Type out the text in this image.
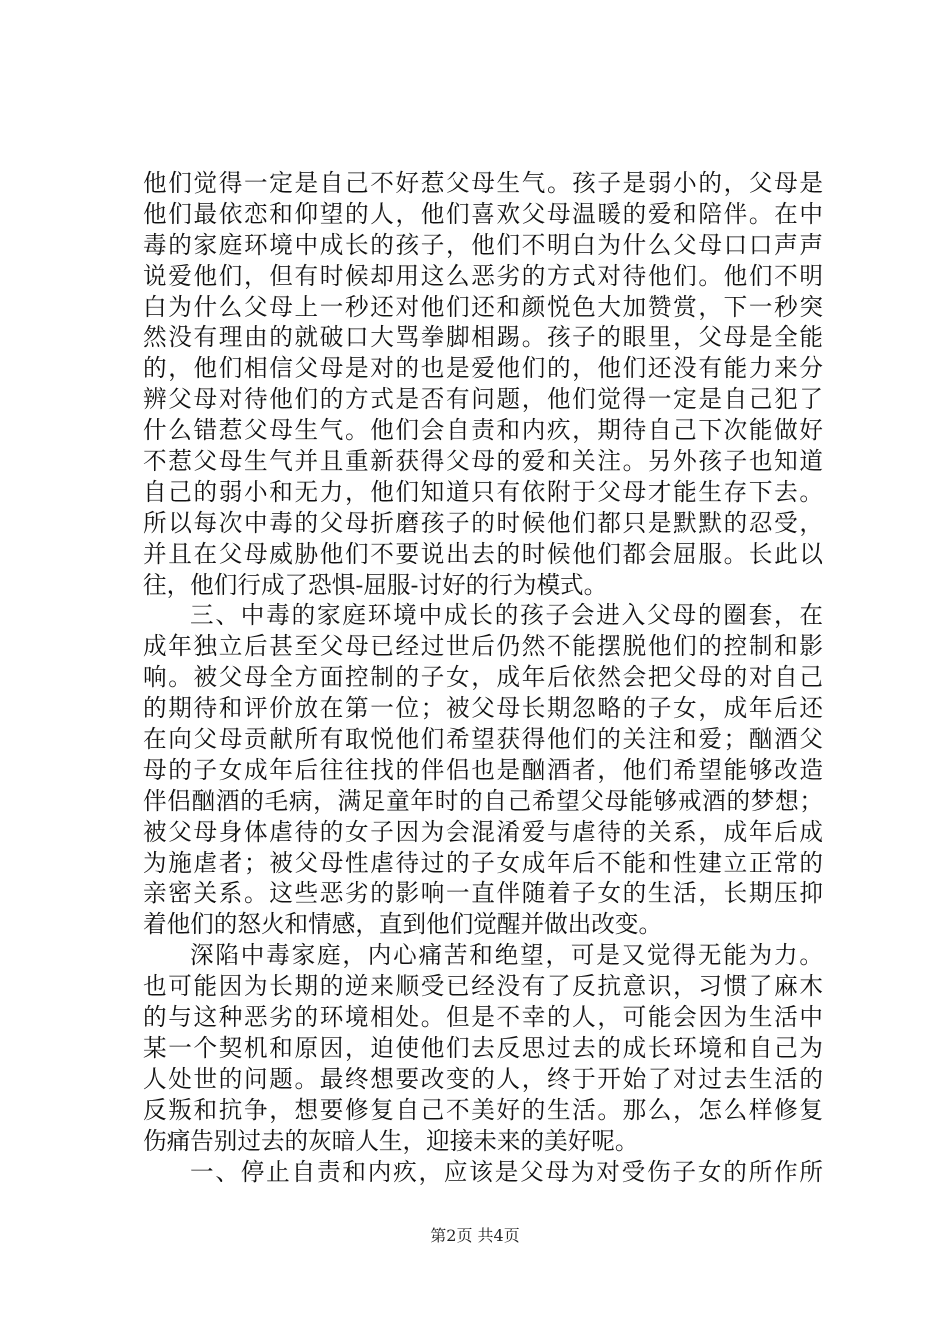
他们觉得一定是自己不好惹父母生气。孩子是弱小的，父母是
他们最依恋和仰望的人，他们喜欢父母温暖的爱和陪伴。在中
毒的家庭环境中成长的孩子，他们不明白为什么父母口口声声
说爱他们，但有时候却用这么恶劣的方式对待他们。他们不明
白为什么父母上一秒还对他们还和颜悦色大加赞赏，下一秒突
然没有理由的就破口大骂拳脚相踢。孩子的眼里，父母是全能
的，他们相信父母是对的也是爱他们的，他们还没有能力来分
辨父母对待他们的方式是否有问题，他们觉得一定是自己犯了
什么错惹父母生气。他们会自责和内疚，期待自己下次能做好
不惹父母生气并且重新获得父母的爱和关注。另外孩子也知道
自己的弱小和无力，他们知道只有依附于父母才能生存下去。
所以每次中毒的父母折磨孩子的时候他们都只是默默的忍受，
并且在父母威胁他们不要说出去的时候他们都会屈服。长此以
往，他们行成了恐惧-屈服-讨好的行为模式。
三、中毒的家庭环境中成长的孩子会进入父母的圈套，在
成年独立后甚至父母已经过世后仍然不能摆脱他们的控制和影
响。被父母全方面控制的子女，成年后依然会把父母的对自己
的期待和评价放在第一位；被父母长期忽略的子女，成年后还
在向父母贡献所有取悦他们希望获得他们的关注和爱；酗酒父
母的子女成年后往往找的伴侣也是酗酒者，他们希望能够改造
伴侣酗酒的毛病，满足童年时的自己希望父母能够戒酒的梦想；
被父母身体虐待的女子因为会混淆爱与虐待的关系，成年后成
为施虐者；被父母性虐待过的子女成年后不能和性建立正常的
亲密关系。这些恶劣的影响一直伴随着子女的生活，长期压抑
着他们的怒火和情感，直到他们觉醒并做出改变。
深陷中毒家庭，内心痛苦和绝望，可是又觉得无能为力。
也可能因为长期的逆来顺受已经没有了反抗意识，习惯了麻木
的与这种恶劣的环境相处。但是不幸的人，可能会因为生活中
某一个契机和原因，迫使他们去反思过去的成长环境和自己为
人处世的问题。最终想要改变的人，终于开始了对过去生活的
反叛和抗争，想要修复自己不美好的生活。那么，怎么样修复
伤痛告别过去的灰暗人生，迎接未来的美好呢。
一、停止自责和内疚，应该是父母为对受伤子女的所作所
第2页 共4页
